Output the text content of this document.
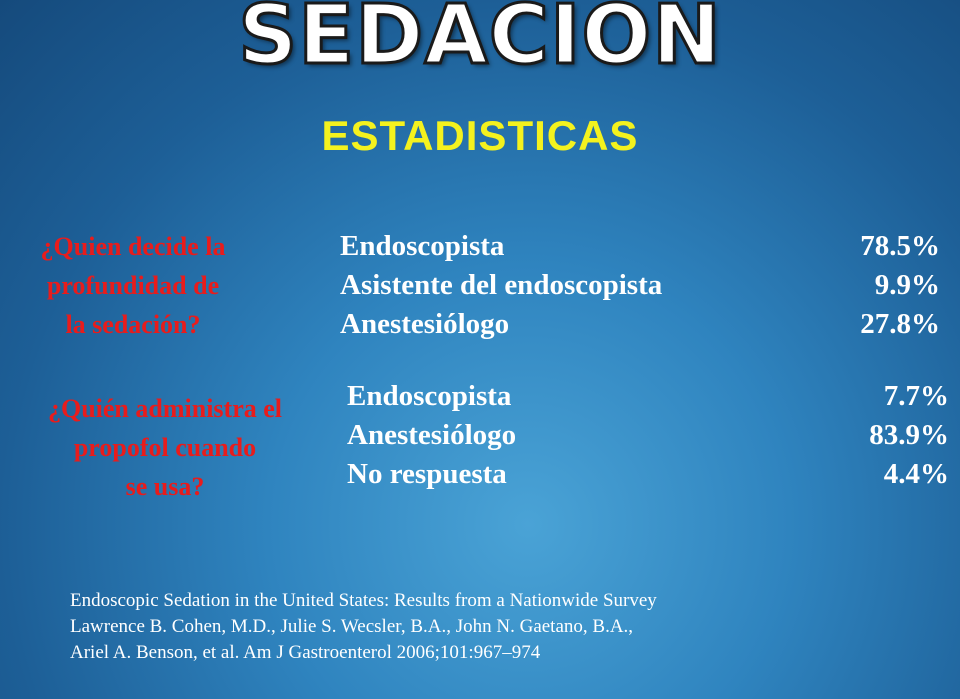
SEDACION
ESTADISTICAS
¿Quien decide la
profundidad de
la sedación?
Endoscopista	78.5%
Asistente del endoscopista	9.9%
Anestesiólogo	27.8%
¿Quién administra el
propofol cuando
se usa?
Endoscopista	7.7%
Anestesiólogo	83.9%
No respuesta	4.4%
Endoscopic Sedation in the United States: Results from a Nationwide Survey
Lawrence B. Cohen, M.D., Julie S. Wecsler, B.A., John N. Gaetano, B.A.,
Ariel A. Benson, et al. Am J Gastroenterol 2006;101:967–974
